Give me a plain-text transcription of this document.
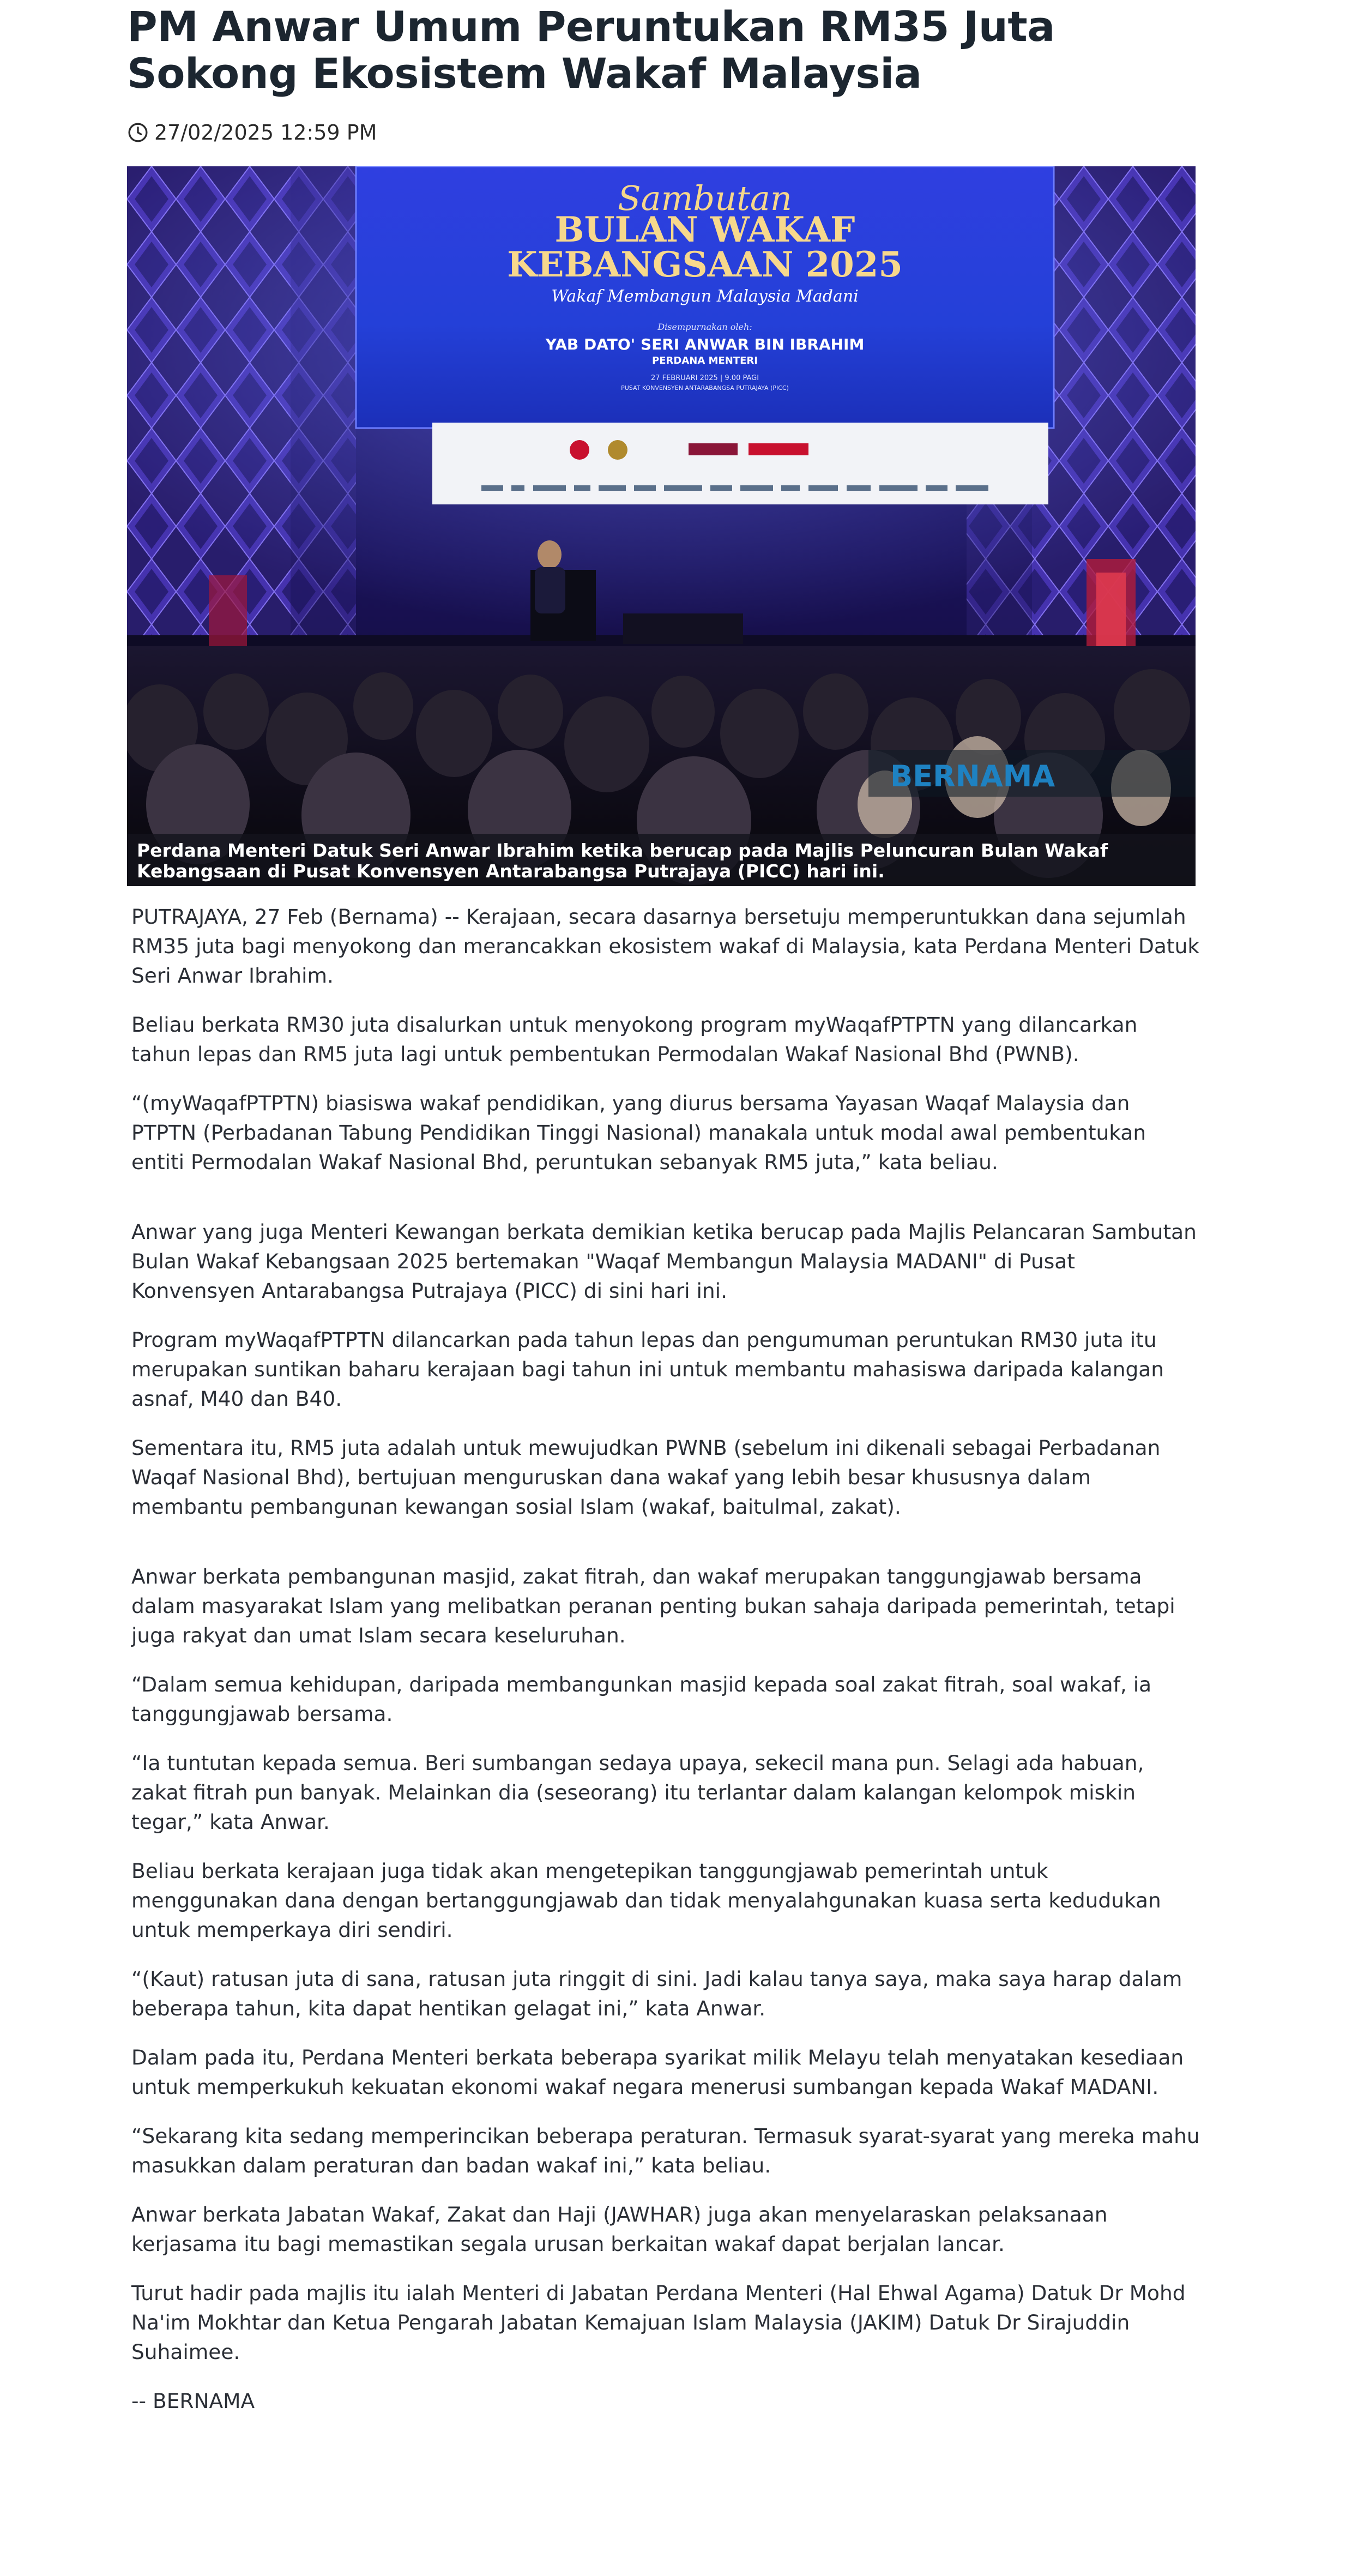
PM Anwar Umum Peruntukan RM35 Juta Sokong Ekosistem Wakaf Malaysia
27/02/2025 12:59 PM
Sambutan
BULAN WAKAF
KEBANGSAAN 2025
Wakaf Membangun Malaysia Madani
Disempurnakan oleh:
YAB DATO' SERI ANWAR BIN IBRAHIM
PERDANA MENTERI
27 FEBRUARI 2025 | 9.00 PAGI
PUSAT KONVENSYEN ANTARABANGSA PUTRAJAYA (PICC)
BERNAMA
Perdana Menteri Datuk Seri Anwar Ibrahim ketika berucap pada Majlis Peluncuran Bulan Wakaf Kebangsaan di Pusat Konvensyen Antarabangsa Putrajaya (PICC) hari ini.

PUTRAJAYA, 27 Feb (Bernama) -- Kerajaan, secara dasarnya bersetuju memperuntukkan dana sejumlah RM35 juta bagi menyokong dan merancakkan ekosistem wakaf di Malaysia, kata Perdana Menteri Datuk Seri Anwar Ibrahim.

Beliau berkata RM30 juta disalurkan untuk menyokong program myWaqafPTPTN yang dilancarkan tahun lepas dan RM5 juta lagi untuk pembentukan Permodalan Wakaf Nasional Bhd (PWNB).

“(myWaqafPTPTN) biasiswa wakaf pendidikan, yang diurus bersama Yayasan Waqaf Malaysia dan PTPTN (Perbadanan Tabung Pendidikan Tinggi Nasional) manakala untuk modal awal pembentukan entiti Permodalan Wakaf Nasional Bhd, peruntukan sebanyak RM5 juta,” kata beliau.

Anwar yang juga Menteri Kewangan berkata demikian ketika berucap pada Majlis Pelancaran Sambutan Bulan Wakaf Kebangsaan 2025 bertemakan "Waqaf Membangun Malaysia MADANI" di Pusat Konvensyen Antarabangsa Putrajaya (PICC) di sini hari ini.

Program myWaqafPTPTN dilancarkan pada tahun lepas dan pengumuman peruntukan RM30 juta itu merupakan suntikan baharu kerajaan bagi tahun ini untuk membantu mahasiswa daripada kalangan asnaf, M40 dan B40.

Sementara itu, RM5 juta adalah untuk mewujudkan PWNB (sebelum ini dikenali sebagai Perbadanan Waqaf Nasional Bhd), bertujuan menguruskan dana wakaf yang lebih besar khususnya dalam membantu pembangunan kewangan sosial Islam (wakaf, baitulmal, zakat).

Anwar berkata pembangunan masjid, zakat fitrah, dan wakaf merupakan tanggungjawab bersama dalam masyarakat Islam yang melibatkan peranan penting bukan sahaja daripada pemerintah, tetapi juga rakyat dan umat Islam secara keseluruhan.

“Dalam semua kehidupan, daripada membangunkan masjid kepada soal zakat fitrah, soal wakaf, ia tanggungjawab bersama.

“Ia tuntutan kepada semua. Beri sumbangan sedaya upaya, sekecil mana pun. Selagi ada habuan, zakat fitrah pun banyak. Melainkan dia (seseorang) itu terlantar dalam kalangan kelompok miskin tegar,” kata Anwar.

Beliau berkata kerajaan juga tidak akan mengetepikan tanggungjawab pemerintah untuk menggunakan dana dengan bertanggungjawab dan tidak menyalahgunakan kuasa serta kedudukan untuk memperkaya diri sendiri.

“(Kaut) ratusan juta di sana, ratusan juta ringgit di sini. Jadi kalau tanya saya, maka saya harap dalam beberapa tahun, kita dapat hentikan gelagat ini,” kata Anwar.

Dalam pada itu, Perdana Menteri berkata beberapa syarikat milik Melayu telah menyatakan kesediaan untuk memperkukuh kekuatan ekonomi wakaf negara menerusi sumbangan kepada Wakaf MADANI.

“Sekarang kita sedang memperincikan beberapa peraturan. Termasuk syarat-syarat yang mereka mahu masukkan dalam peraturan dan badan wakaf ini,” kata beliau.

Anwar berkata Jabatan Wakaf, Zakat dan Haji (JAWHAR) juga akan menyelaraskan pelaksanaan kerjasama itu bagi memastikan segala urusan berkaitan wakaf dapat berjalan lancar.

Turut hadir pada majlis itu ialah Menteri di Jabatan Perdana Menteri (Hal Ehwal Agama) Datuk Dr Mohd Na'im Mokhtar dan Ketua Pengarah Jabatan Kemajuan Islam Malaysia (JAKIM) Datuk Dr Sirajuddin Suhaimee.

-- BERNAMA
